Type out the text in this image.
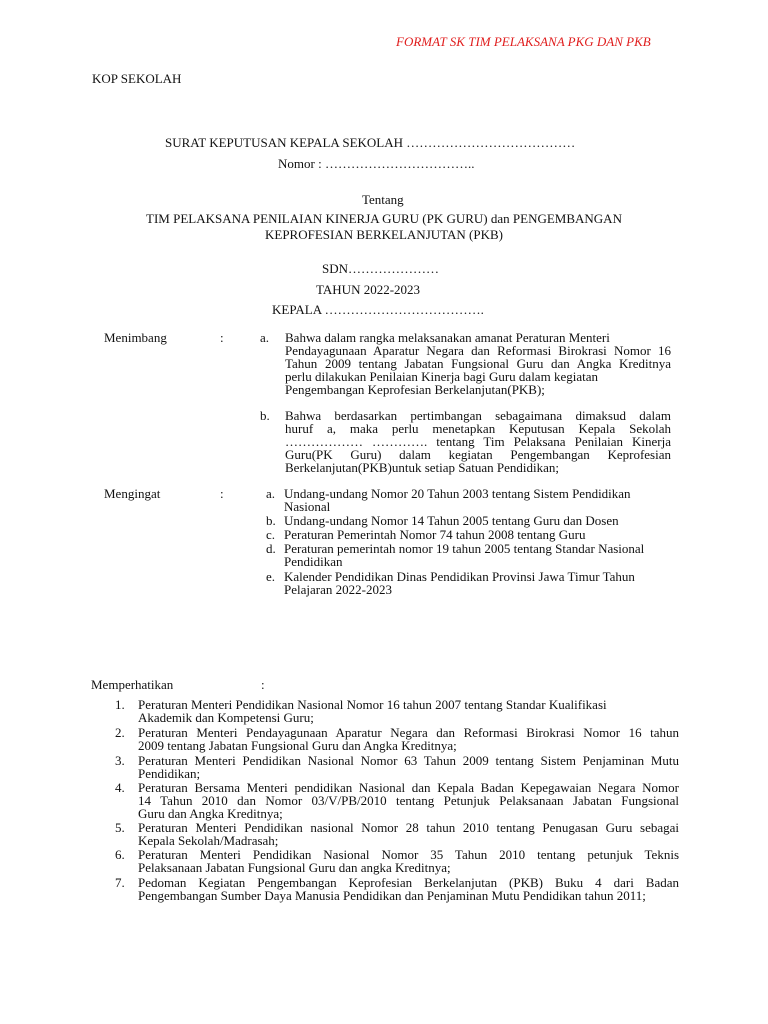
FORMAT SK TIM PELAKSANA PKG DAN PKB
KOP SEKOLAH
SURAT KEPUTUSAN KEPALA SEKOLAH …………………………………
Nomor : ……………………………..
Tentang
TIM PELAKSANA PENILAIAN KINERJA GURU (PK GURU) dan PENGEMBANGAN
KEPROFESIAN BERKELANJUTAN (PKB)
SDN…………………
TAHUN 2022-2023
KEPALA ……………………………….
Menimbang	:	a. Bahwa dalam rangka melaksanakan amanat Peraturan Menteri
Pendayagunaan Aparatur Negara dan Reformasi Birokrasi Nomor 16
Tahun 2009 tentang Jabatan Fungsional Guru dan Angka Kreditnya
perlu dilakukan Penilaian Kinerja bagi Guru dalam kegiatan
Pengembangan Keprofesian Berkelanjutan(PKB);
b. Bahwa berdasarkan pertimbangan sebagaimana dimaksud dalam
huruf a, maka perlu menetapkan Keputusan Kepala Sekolah
……………… …………. tentang Tim Pelaksana Penilaian Kinerja
Guru(PK Guru) dalam kegiatan Pengembangan Keprofesian
Berkelanjutan(PKB)untuk setiap Satuan Pendidikan;
Mengingat	:	a. Undang-undang Nomor 20 Tahun 2003 tentang Sistem Pendidikan
Nasional
b. Undang-undang Nomor 14 Tahun 2005 tentang Guru dan Dosen
c. Peraturan Pemerintah Nomor 74 tahun 2008 tentang Guru
d. Peraturan pemerintah nomor 19 tahun 2005 tentang Standar Nasional
Pendidikan
e. Kalender Pendidikan Dinas Pendidikan Provinsi Jawa Timur Tahun
Pelajaran 2022-2023
Memperhatikan	:
1. Peraturan Menteri Pendidikan Nasional Nomor 16 tahun 2007 tentang Standar Kualifikasi
Akademik dan Kompetensi Guru;
2. Peraturan Menteri Pendayagunaan Aparatur Negara dan Reformasi Birokrasi Nomor 16 tahun
2009 tentang Jabatan Fungsional Guru dan Angka Kreditnya;
3. Peraturan Menteri Pendidikan Nasional Nomor 63 Tahun 2009 tentang Sistem Penjaminan Mutu
Pendidikan;
4. Peraturan Bersama Menteri pendidikan Nasional dan Kepala Badan Kepegawaian Negara Nomor
14 Tahun 2010 dan Nomor 03/V/PB/2010 tentang Petunjuk Pelaksanaan Jabatan Fungsional
Guru dan Angka Kreditnya;
5. Peraturan Menteri Pendidikan nasional Nomor 28 tahun 2010 tentang Penugasan Guru sebagai
Kepala Sekolah/Madrasah;
6. Peraturan Menteri Pendidikan Nasional Nomor 35 Tahun 2010 tentang petunjuk Teknis
Pelaksanaan Jabatan Fungsional Guru dan angka Kreditnya;
7. Pedoman Kegiatan Pengembangan Keprofesian Berkelanjutan (PKB) Buku 4 dari Badan
Pengembangan Sumber Daya Manusia Pendidikan dan Penjaminan Mutu Pendidikan tahun 2011;
